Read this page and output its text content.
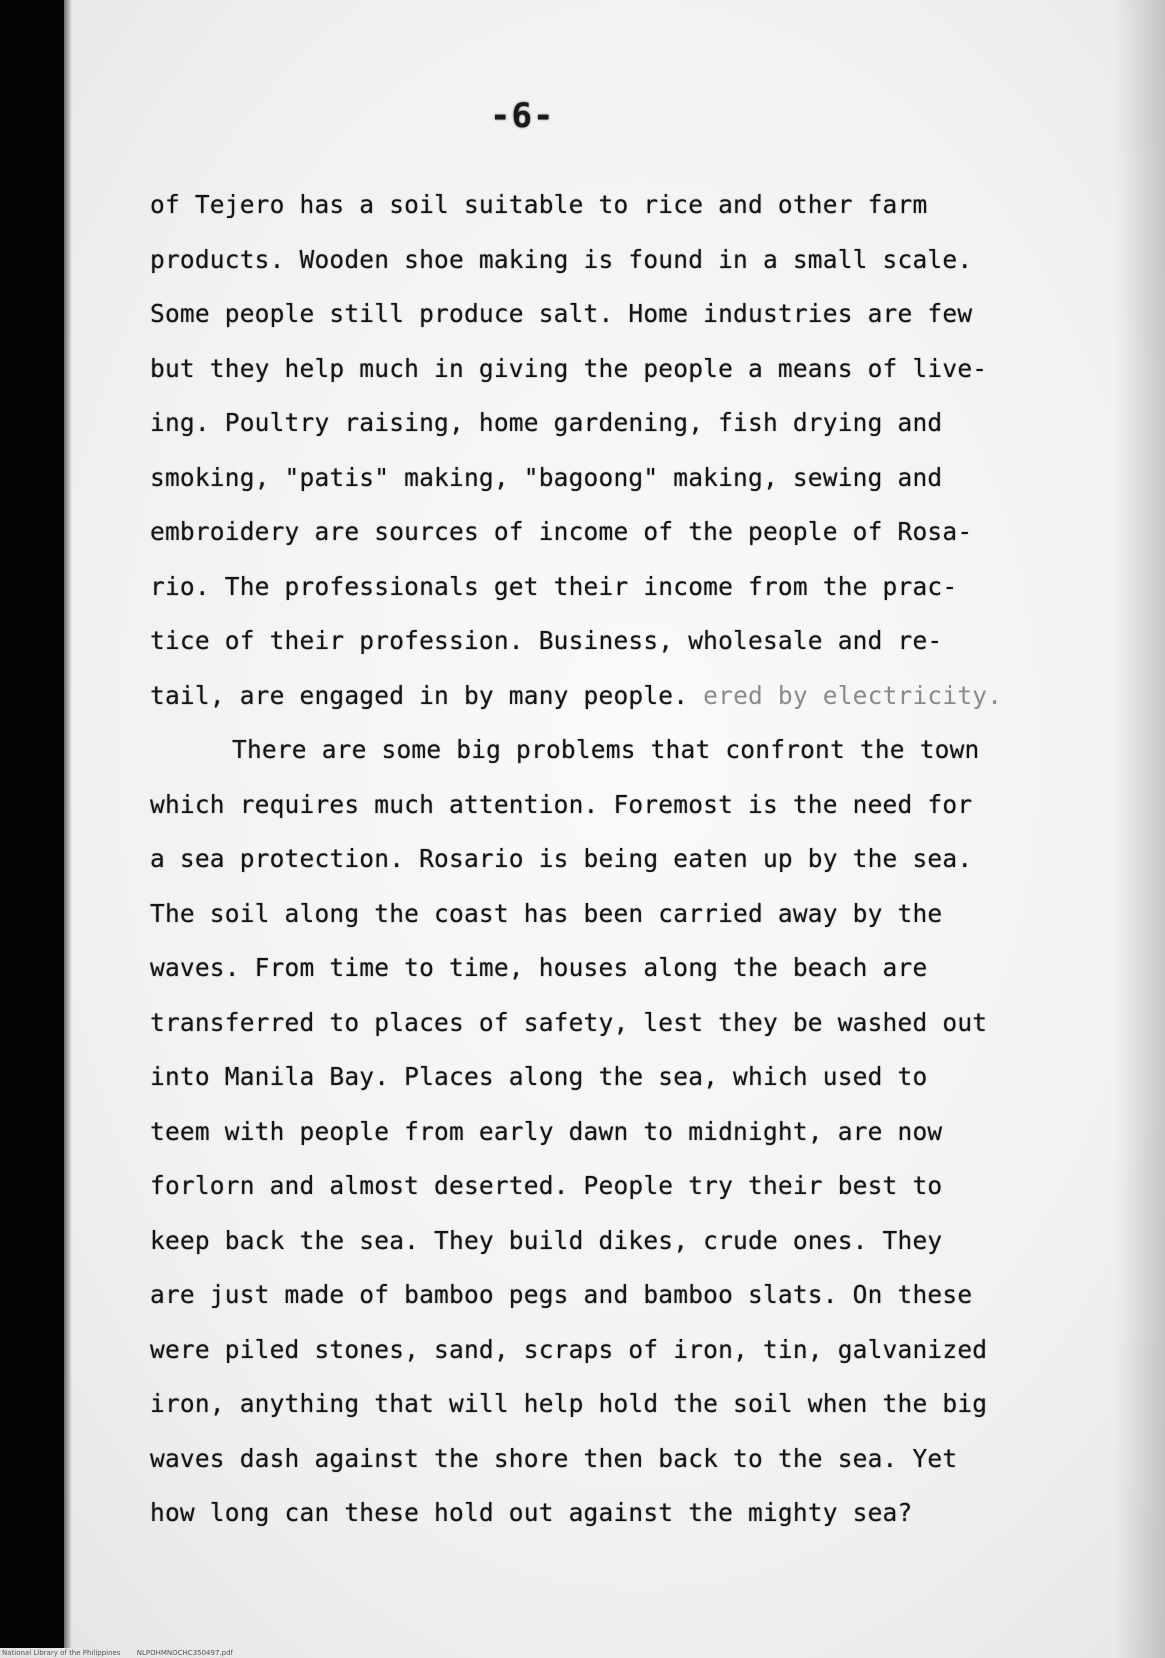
-6-
of Tejero has a soil suitable to rice and other farm
products. Wooden shoe making is found in a small scale.
Some people still produce salt. Home industries are few
but they help much in giving the people a means of live-
ing. Poultry raising, home gardening, fish drying and
smoking, "patis" making, "bagoong" making, sewing and
embroidery are sources of income of the people of Rosa-
rio. The professionals get their income from the prac-
tice of their profession. Business, wholesale and re-
tail, are engaged in by many people. ered by electricity.
There are some big problems that confront the town
which requires much attention. Foremost is the need for
a sea protection. Rosario is being eaten up by the sea.
The soil along the coast has been carried away by the
waves. From time to time, houses along the beach are
transferred to places of safety, lest they be washed out
into Manila Bay. Places along the sea, which used to
teem with people from early dawn to midnight, are now
forlorn and almost deserted. People try their best to
keep back the sea. They build dikes, crude ones. They
are just made of bamboo pegs and bamboo slats. On these
were piled stones, sand, scraps of iron, tin, galvanized
iron, anything that will help hold the soil when the big
waves dash against the shore then back to the sea. Yet
how long can these hold out against the mighty sea?
National Library of the Philippines NLPOHMNOCHC350497.pdf
